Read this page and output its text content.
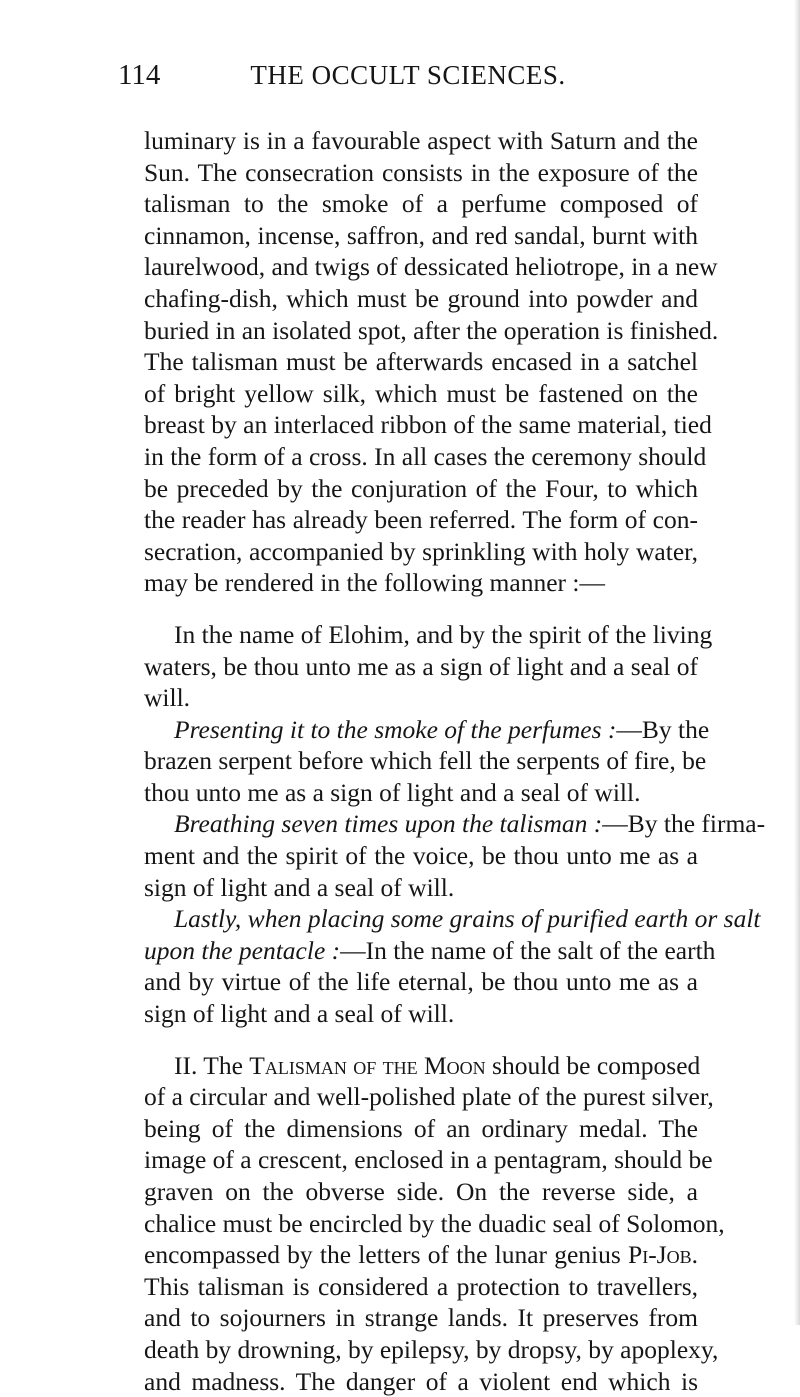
114	THE OCCULT SCIENCES.
luminary is in a favourable aspect with Saturn and the
Sun. The consecration consists in the exposure of the
talisman to the smoke of a perfume composed of
cinnamon, incense, saffron, and red sandal, burnt with
laurelwood, and twigs of dessicated heliotrope, in a new
chafing-dish, which must be ground into powder and
buried in an isolated spot, after the operation is finished.
The talisman must be afterwards encased in a satchel
of bright yellow silk, which must be fastened on the
breast by an interlaced ribbon of the same material, tied
in the form of a cross. In all cases the ceremony should
be preceded by the conjuration of the Four, to which
the reader has already been referred. The form of con-
secration, accompanied by sprinkling with holy water,
may be rendered in the following manner :—
In the name of Elohim, and by the spirit of the living
waters, be thou unto me as a sign of light and a seal of
will.
Presenting it to the smoke of the perfumes :—By the
brazen serpent before which fell the serpents of fire, be
thou unto me as a sign of light and a seal of will.
Breathing seven times upon the talisman :—By the firma-
ment and the spirit of the voice, be thou unto me as a
sign of light and a seal of will.
Lastly, when placing some grains of purified earth or salt
upon the pentacle :—In the name of the salt of the earth
and by virtue of the life eternal, be thou unto me as a
sign of light and a seal of will.
II. The Talisman of the Moon should be composed
of a circular and well-polished plate of the purest silver,
being of the dimensions of an ordinary medal. The
image of a crescent, enclosed in a pentagram, should be
graven on the obverse side. On the reverse side, a
chalice must be encircled by the duadic seal of Solomon,
encompassed by the letters of the lunar genius Pi-Job.
This talisman is considered a protection to travellers,
and to sojourners in strange lands. It preserves from
death by drowning, by epilepsy, by dropsy, by apoplexy,
and madness. The danger of a violent end which is
